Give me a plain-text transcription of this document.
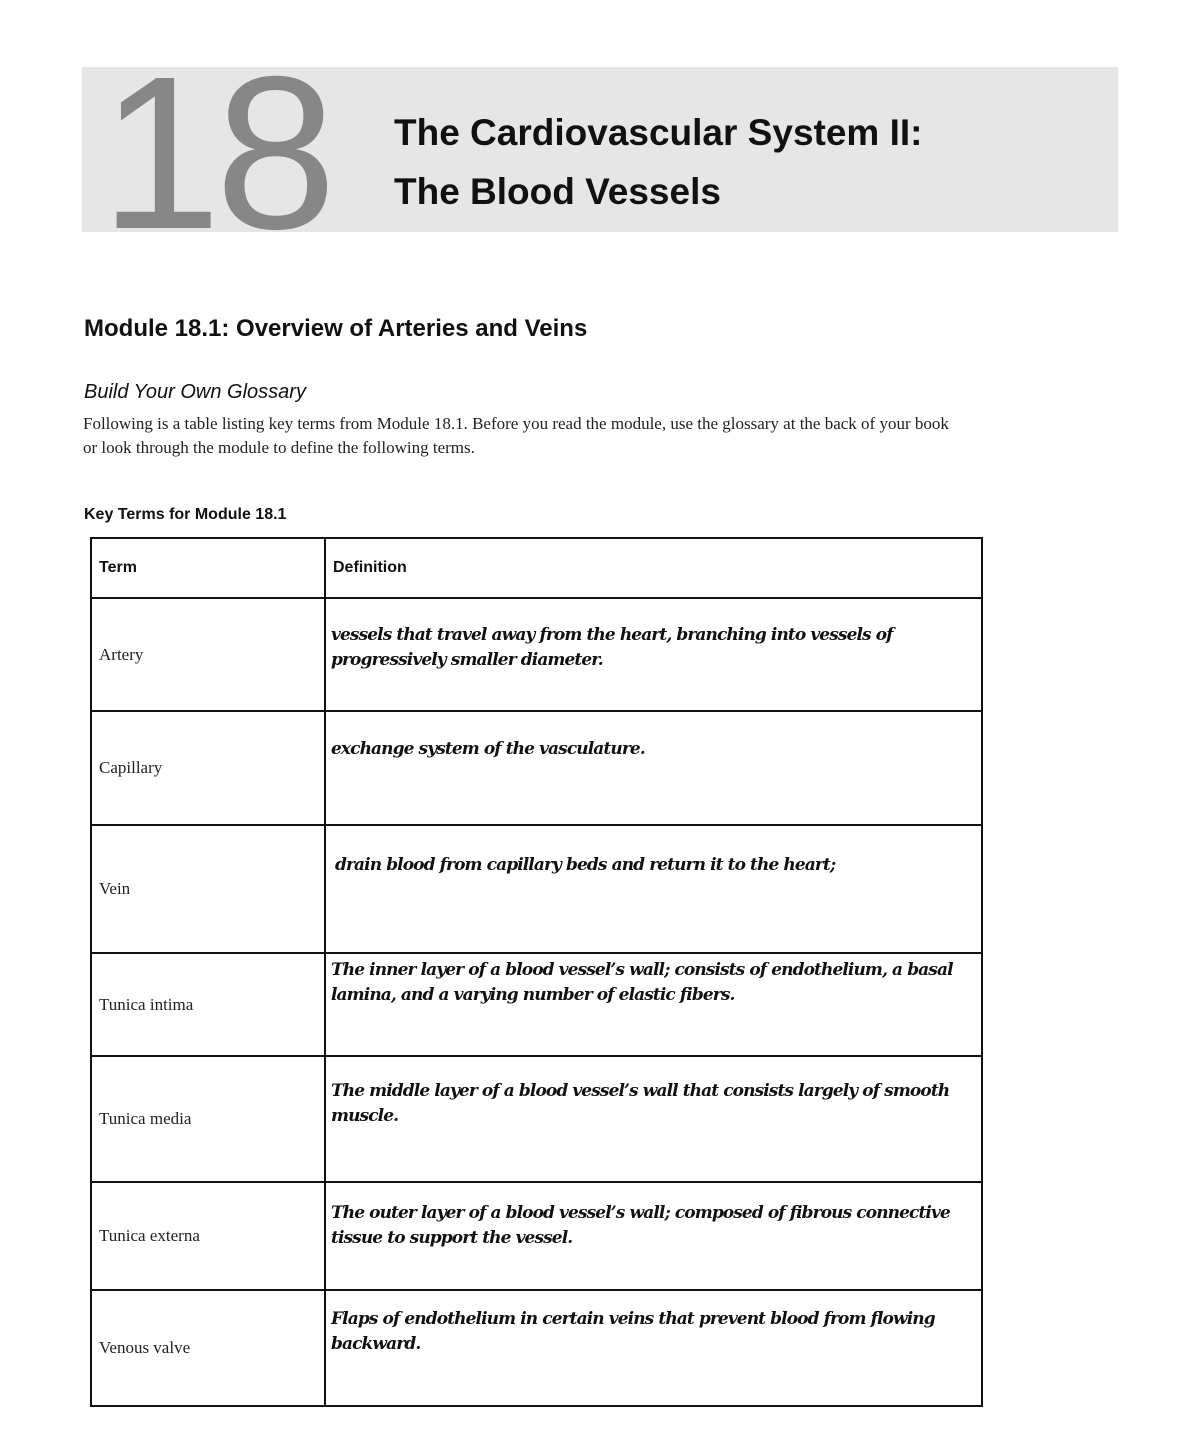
18 The Cardiovascular System II:
The Blood Vessels
Module 18.1: Overview of Arteries and Veins
Build Your Own Glossary
Following is a table listing key terms from Module 18.1. Before you read the module, use the glossary at the back of your book or look through the module to define the following terms.
Key Terms for Module 18.1
Term	Definition
Artery	vessels that travel away from the heart, branching into vessels of progressively smaller diameter.
Capillary	exchange system of the vasculature.
Vein	drain blood from capillary beds and return it to the heart;
Tunica intima	The inner layer of a blood vessel’s wall; consists of endothelium, a basal lamina, and a varying number of elastic fibers.
Tunica media	The middle layer of a blood vessel’s wall that consists largely of smooth muscle.
Tunica externa	The outer layer of a blood vessel’s wall; composed of fibrous connective tissue to support the vessel.
Venous valve	Flaps of endothelium in certain veins that prevent blood from flowing backward.
